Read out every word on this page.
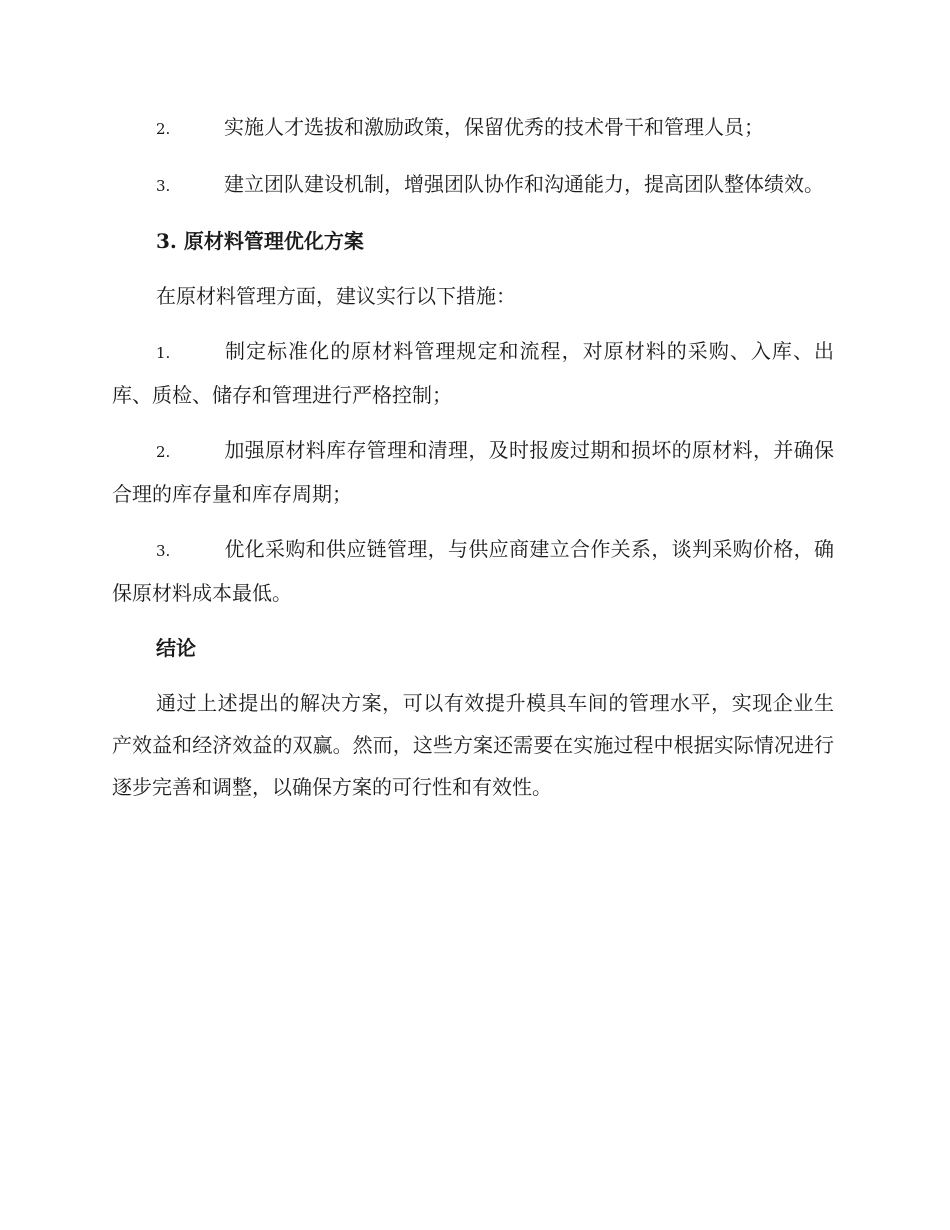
2.	实施人才选拔和激励政策，保留优秀的技术骨干和管理人员；

3.	建立团队建设机制，增强团队协作和沟通能力，提高团队整体绩效。

3. 原材料管理优化方案

在原材料管理方面，建议实行以下措施：

1.	制定标准化的原材料管理规定和流程，对原材料的采购、入库、出库、质检、储存和管理进行严格控制；

2.	加强原材料库存管理和清理，及时报废过期和损坏的原材料，并确保合理的库存量和库存周期；

3.	优化采购和供应链管理，与供应商建立合作关系，谈判采购价格，确保原材料成本最低。

结论

通过上述提出的解决方案，可以有效提升模具车间的管理水平，实现企业生产效益和经济效益的双赢。然而，这些方案还需要在实施过程中根据实际情况进行逐步完善和调整，以确保方案的可行性和有效性。
